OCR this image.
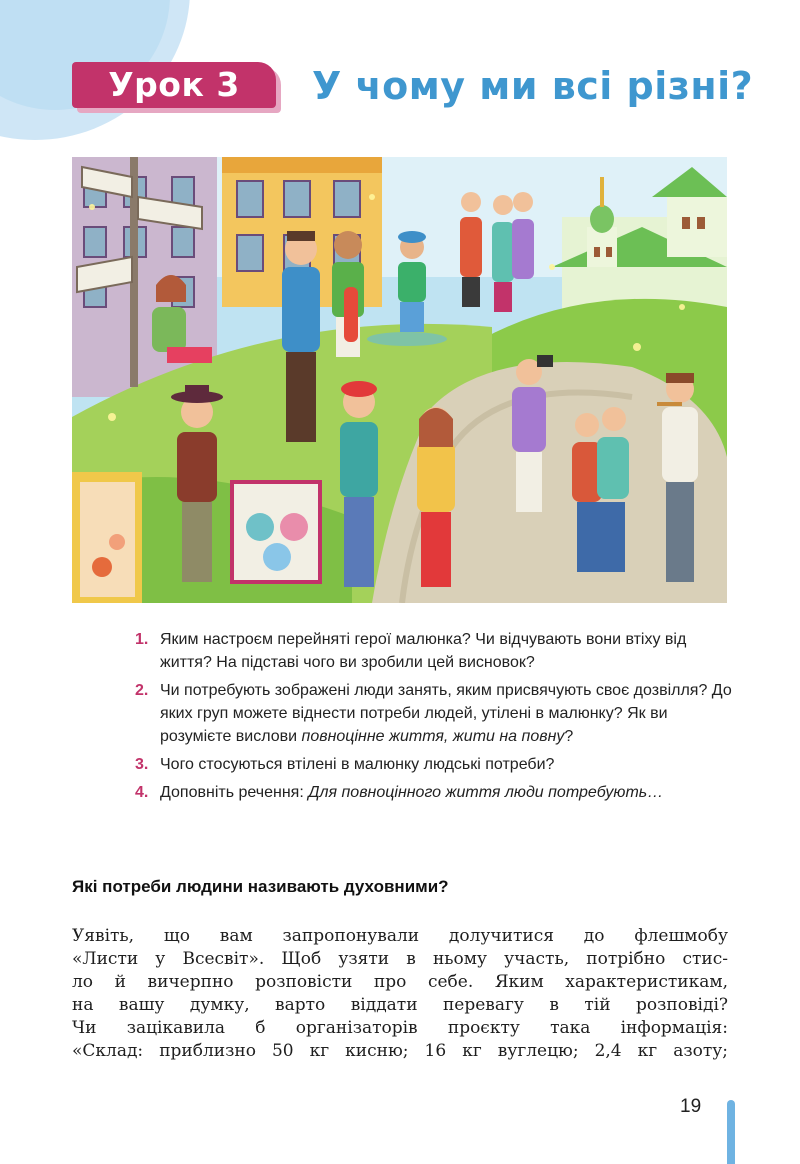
Урок 3	У чому ми всі різні?
1. Яким настроєм перейняті герої малюнка? Чи відчувають вони втіху від життя? На підставі чого ви зробили цей висновок?
2. Чи потребують зображені люди занять, яким присвячують своє дозвілля? До яких груп можете віднести потреби людей, утілені в малюнку? Як ви розумієте вислови повноцінне життя, жити на повну?
3. Чого стосуються втілені в малюнку людські потреби?
4. Доповніть речення: Для повноцінного життя люди потребують…
Які потреби людини називають духовними?

Уявіть, що вам запропонували долучитися до флешмобу
«Листи у Всесвіт». Щоб узяти в ньому участь, потрібно стис-
ло й вичерпно розповісти про себе. Яким характеристикам,
на вашу думку, варто віддати перевагу в тій розповіді?
Чи зацікавила б організаторів проєкту така інформація:
«Склад: приблизно 50 кг кисню; 16 кг вуглецю; 2,4 кг азоту;

19
